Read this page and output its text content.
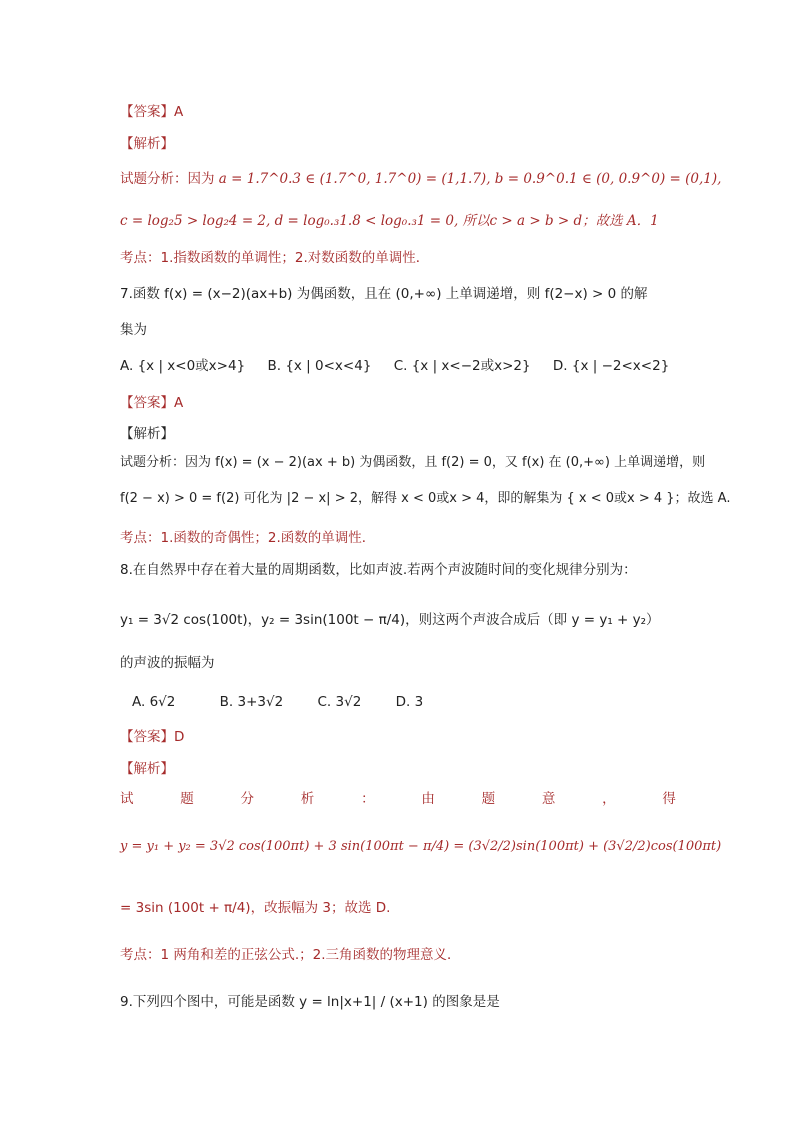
【答案】A
【解析】
试题分析：因为 a = 1.7^0.3 ∈ (1.7^0, 1.7^0) = (1,1.7), b = 0.9^0.1 ∈ (0, 0.9^0) = (0,1),
c = log₂5 > log₂4 = 2, d = log₀.₃1.8 < log₀.₃1 = 0, 所以c > a > b > d；故选 A．1
考点：1.指数函数的单调性；2.对数函数的单调性．
7.函数 f(x) = (x−2)(ax+b) 为偶函数，且在 (0,+∞) 上单调递增，则 f(2−x) > 0 的解
集为
A. {x | x<0或x>4} B. {x | 0<x<4} C. {x | x<−2或x>2} D. {x | −2<x<2}
【答案】A
【解析】
试题分析：因为 f(x) = (x − 2)(ax + b) 为偶函数，且 f(2) = 0，又 f(x) 在 (0,+∞) 上单调递增，则
f(2 − x) > 0 = f(2) 可化为 |2 − x| > 2，解得 x < 0或x > 4，即的解集为 { x < 0或x > 4 }；故选 A.
考点：1.函数的奇偶性；2.函数的单调性．
8.在自然界中存在着大量的周期函数，比如声波.若两个声波随时间的变化规律分别为：
y₁ = 3√2 cos(100t)，y₂ = 3sin(100t − π/4)，则这两个声波合成后（即 y = y₁ + y₂）
的声波的振幅为
A. 6√2	B. 3+3√2	C. 3√2	D. 3
【答案】D
【解析】
试	题	分	析	：	由	题	意	，	得
y = y₁ + y₂ = 3√2 cos(100πt) + 3 sin(100πt − π/4) = (3√2/2)sin(100πt) + (3√2/2)cos(100πt)
= 3sin (100t + π/4)，改振幅为 3；故选 D.
考点：1 两角和差的正弦公式.；2.三角函数的物理意义．
9.下列四个图中，可能是函数 y = ln|x+1| / (x+1) 的图象是是
